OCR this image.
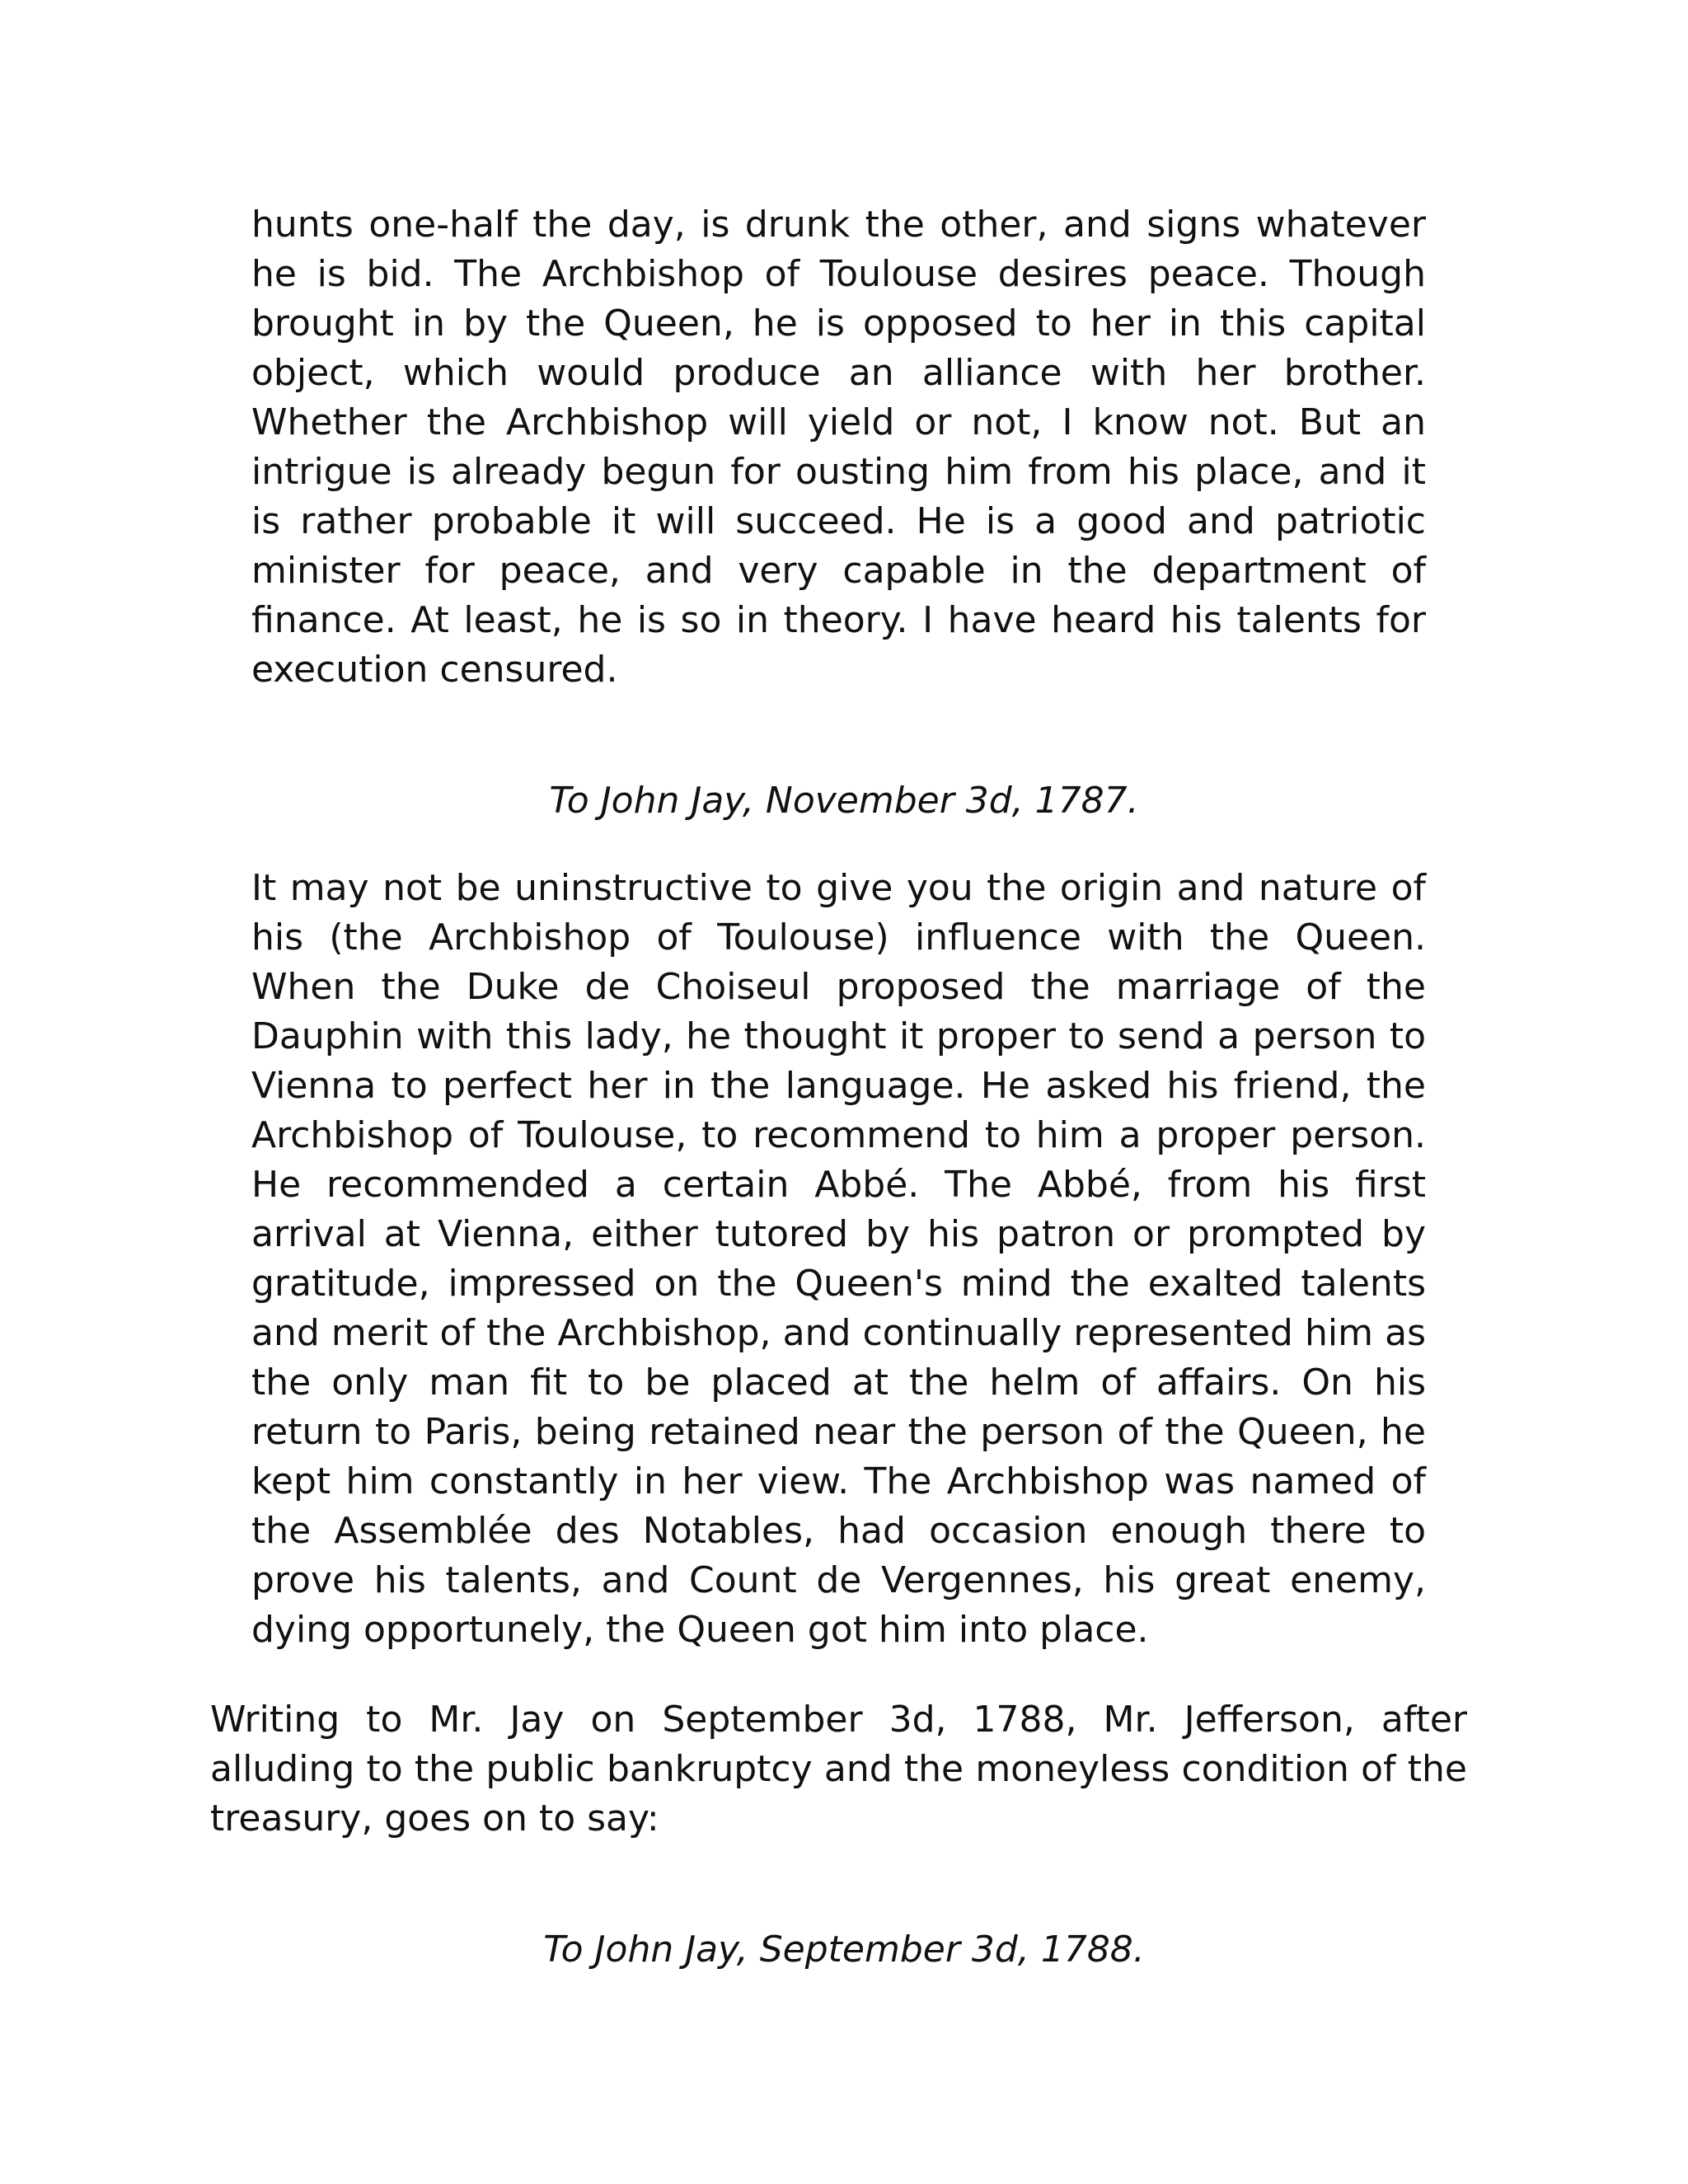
hunts one-half the day, is drunk the other, and signs whatever he is bid. The Archbishop of Toulouse desires peace. Though brought in by the Queen, he is opposed to her in this capital object, which would produce an alliance with her brother. Whether the Archbishop will yield or not, I know not. But an intrigue is already begun for ousting him from his place, and it is rather probable it will succeed. He is a good and patriotic minister for peace, and very capable in the department of finance. At least, he is so in theory. I have heard his talents for execution censured.

To John Jay, November 3d, 1787.

It may not be uninstructive to give you the origin and nature of his (the Archbishop of Toulouse) influence with the Queen. When the Duke de Choiseul proposed the marriage of the Dauphin with this lady, he thought it proper to send a person to Vienna to perfect her in the language. He asked his friend, the Archbishop of Toulouse, to recommend to him a proper person. He recommended a certain Abbé. The Abbé, from his first arrival at Vienna, either tutored by his patron or prompted by gratitude, impressed on the Queen's mind the exalted talents and merit of the Archbishop, and continually represented him as the only man fit to be placed at the helm of affairs. On his return to Paris, being retained near the person of the Queen, he kept him constantly in her view. The Archbishop was named of the Assemblée des Notables, had occasion enough there to prove his talents, and Count de Vergennes, his great enemy, dying opportunely, the Queen got him into place.

Writing to Mr. Jay on September 3d, 1788, Mr. Jefferson, after alluding to the public bankruptcy and the moneyless condition of the treasury, goes on to say:

To John Jay, September 3d, 1788.
